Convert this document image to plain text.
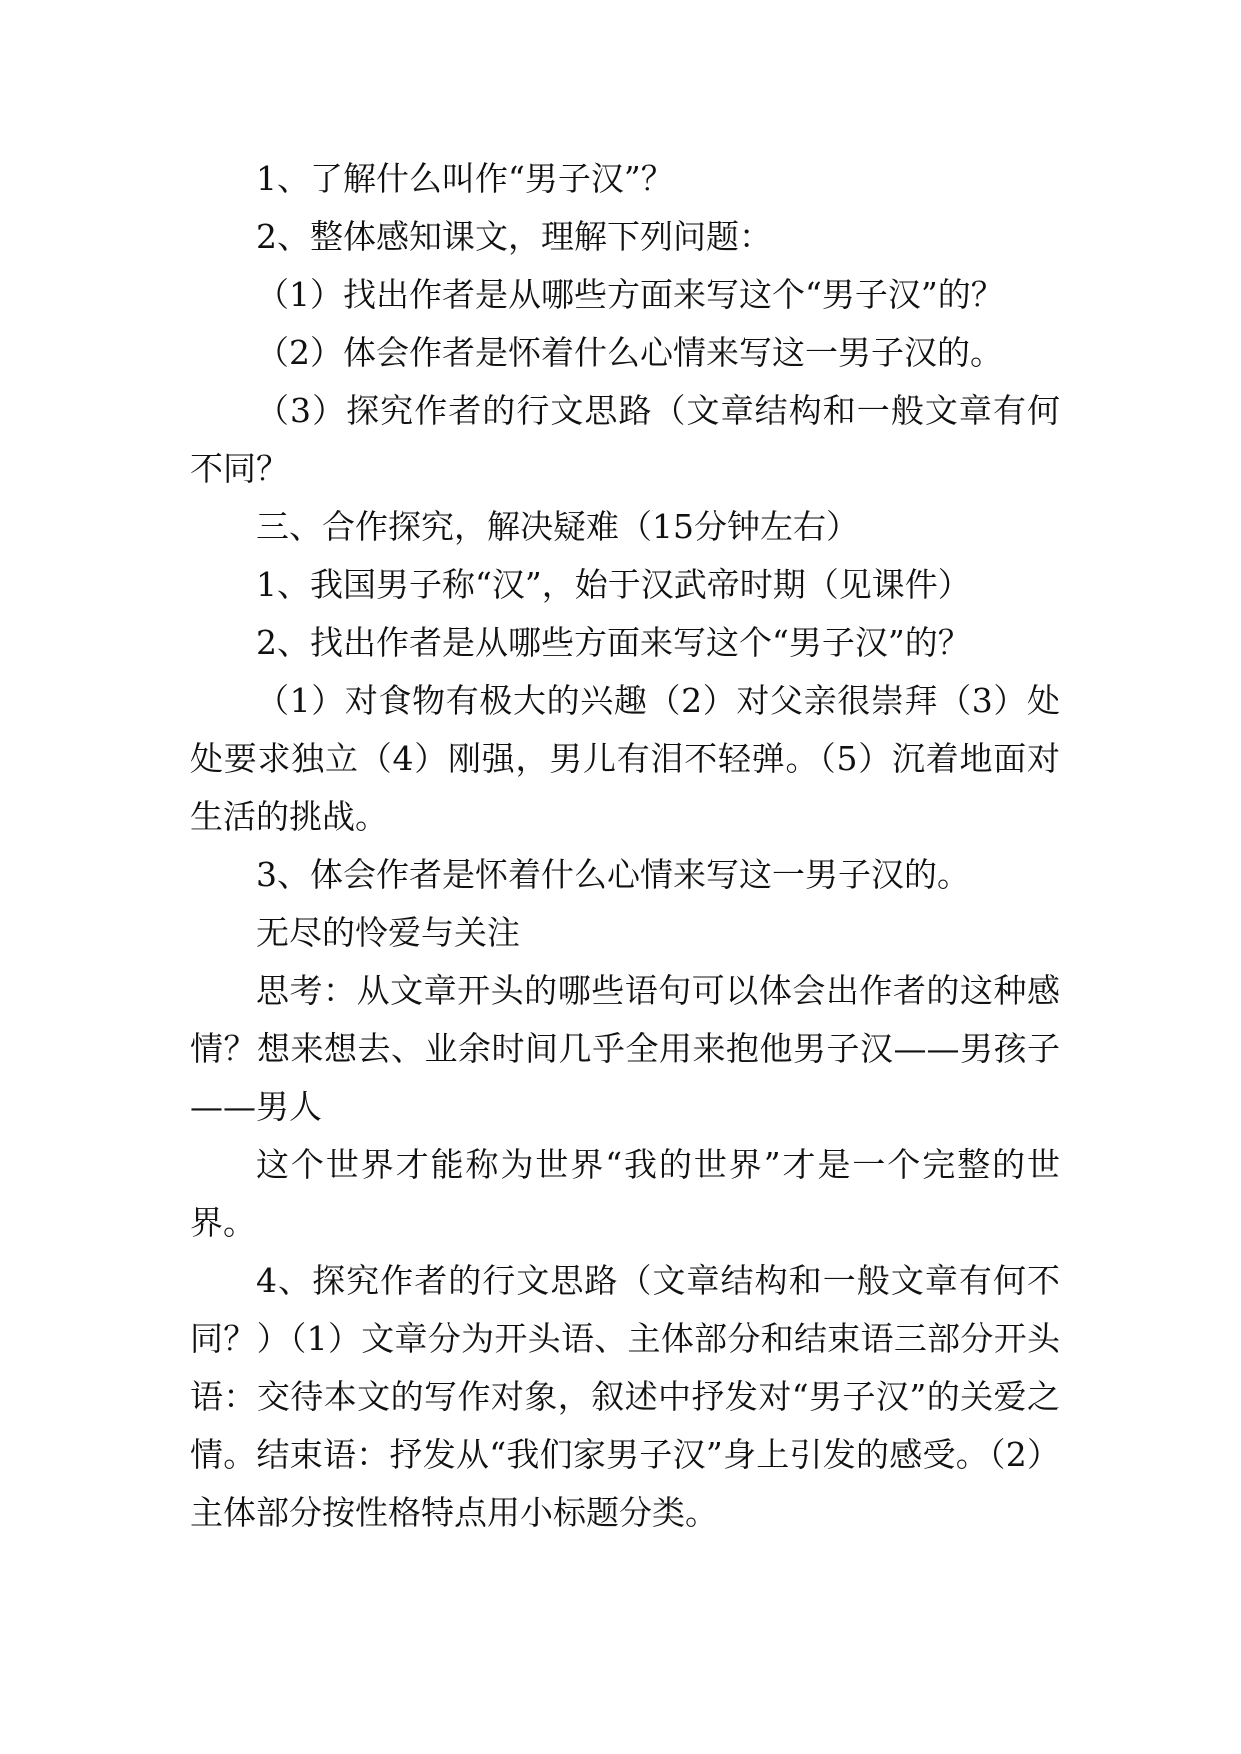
1、了解什么叫作“男子汉”？

2、整体感知课文，理解下列问题：

（1）找出作者是从哪些方面来写这个“男子汉”的？

（2）体会作者是怀着什么心情来写这一男子汉的。

（3）探究作者的行文思路（文章结构和一般文章有何不同？

三、合作探究，解决疑难（15分钟左右）

1、我国男子称“汉”，始于汉武帝时期（见课件）

2、找出作者是从哪些方面来写这个“男子汉”的？

（1）对食物有极大的兴趣（2）对父亲很崇拜（3）处处要求独立（4）刚强，男儿有泪不轻弹。（5）沉着地面对生活的挑战。

3、体会作者是怀着什么心情来写这一男子汉的。

无尽的怜爱与关注

思考：从文章开头的哪些语句可以体会出作者的这种感情？想来想去、业余时间几乎全用来抱他男子汉——男孩子——男人

这个世界才能称为世界“我的世界”才是一个完整的世界。

4、探究作者的行文思路（文章结构和一般文章有何不同？）（1）文章分为开头语、主体部分和结束语三部分开头语：交待本文的写作对象，叙述中抒发对“男子汉”的关爱之情。结束语：抒发从“我们家男子汉”身上引发的感受。（2）主体部分按性格特点用小标题分类。
